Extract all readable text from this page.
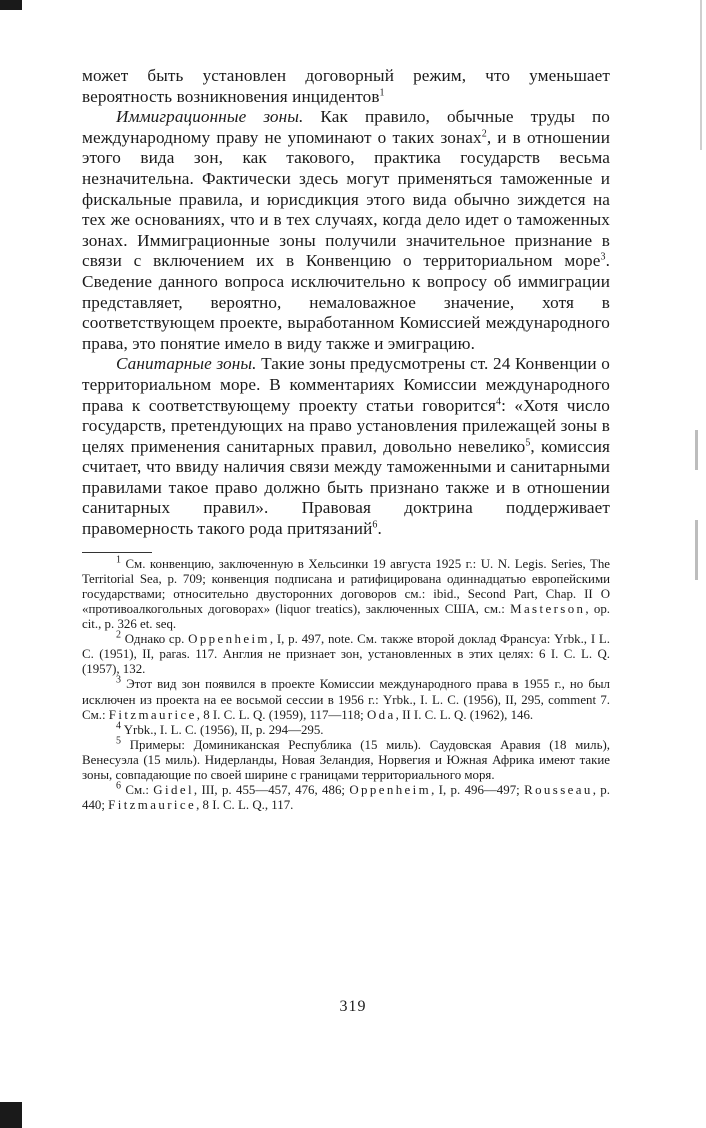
может быть установлен договорный режим, что уменьшает вероятность возникновения инцидентов$^1$

Иммиграционные зоны. Как правило, обычные труды по международному праву не упоминают о таких зонах$^2$, и в отношении этого вида зон, как такового, практика государств весьма незначительна. Фактически здесь могут применяться таможенные и фискальные правила, и юрисдикция этого вида обычно зиждется на тех же основаниях, что и в тех случаях, когда дело идет о таможенных зонах. Иммиграционные зоны получили значительное признание в связи с включением их в Конвенцию о территориальном море$^3$. Сведение данного вопроса исключительно к вопросу об иммиграции представляет, вероятно, немаловажное значение, хотя в соответствующем проекте, выработанном Комиссией международного права, это понятие имело в виду также и эмиграцию.

Санитарные зоны. Такие зоны предусмотрены ст. 24 Конвенции о территориальном море. В комментариях Комиссии международного права к соответствующему проекту статьи говорится$^4$: «Хотя число государств, претендующих на право установления прилежащей зоны в целях применения санитарных правил, довольно невелико$^5$, комиссия считает, что ввиду наличия связи между таможенными и санитарными правилами такое право должно быть признано также и в отношении санитарных правил». Правовая доктрина поддерживает правомерность такого рода притязаний$^6$.

$^1$ См. конвенцию, заключенную в Хельсинки 19 августа 1925 г.: U. N. Legis. Series, The Territorial Sea, p. 709; конвенция подписана и ратифицирована одиннадцатью европейскими государствами; относительно двусторонних договоров см.: ibid., Second Part, Chap. II О «противоалкогольных договорах» (liquor treatics), заключенных США, см.: Masterson, op. cit., p. 326 et. seq.

$^2$ Однако ср. Oppenheim, I, p. 497, note. См. также второй доклад Франсуа: Yrbk., I L. C. (1951), II, paras. 117. Англия не признает зон, установленных в этих целях: 6 I. C. L. Q. (1957), 132.

$^3$ Этот вид зон появился в проекте Комиссии международного права в 1955 г., но был исключен из проекта на ее восьмой сессии в 1956 г.: Yrbk., I. L. C. (1956), II, 295, comment 7. См.: Fitzmaurice, 8 I. C. L. Q. (1959), 117—118; Oda, II I. C. L. Q. (1962), 146.

$^4$ Yrbk., I. L. C. (1956), II, p. 294—295.

$^5$ Примеры: Доминиканская Республика (15 миль). Саудовская Аравия (18 миль), Венесуэла (15 миль). Нидерланды, Новая Зеландия, Норвегия и Южная Африка имеют такие зоны, совпадающие по своей ширине с границами территориального моря.

$^6$ См.: Gidel, III, p. 455—457, 476, 486; Oppenheim, I, p. 496—497; Rousseau, p. 440; Fitzmaurice, 8 I. C. L. Q., 117.

319
